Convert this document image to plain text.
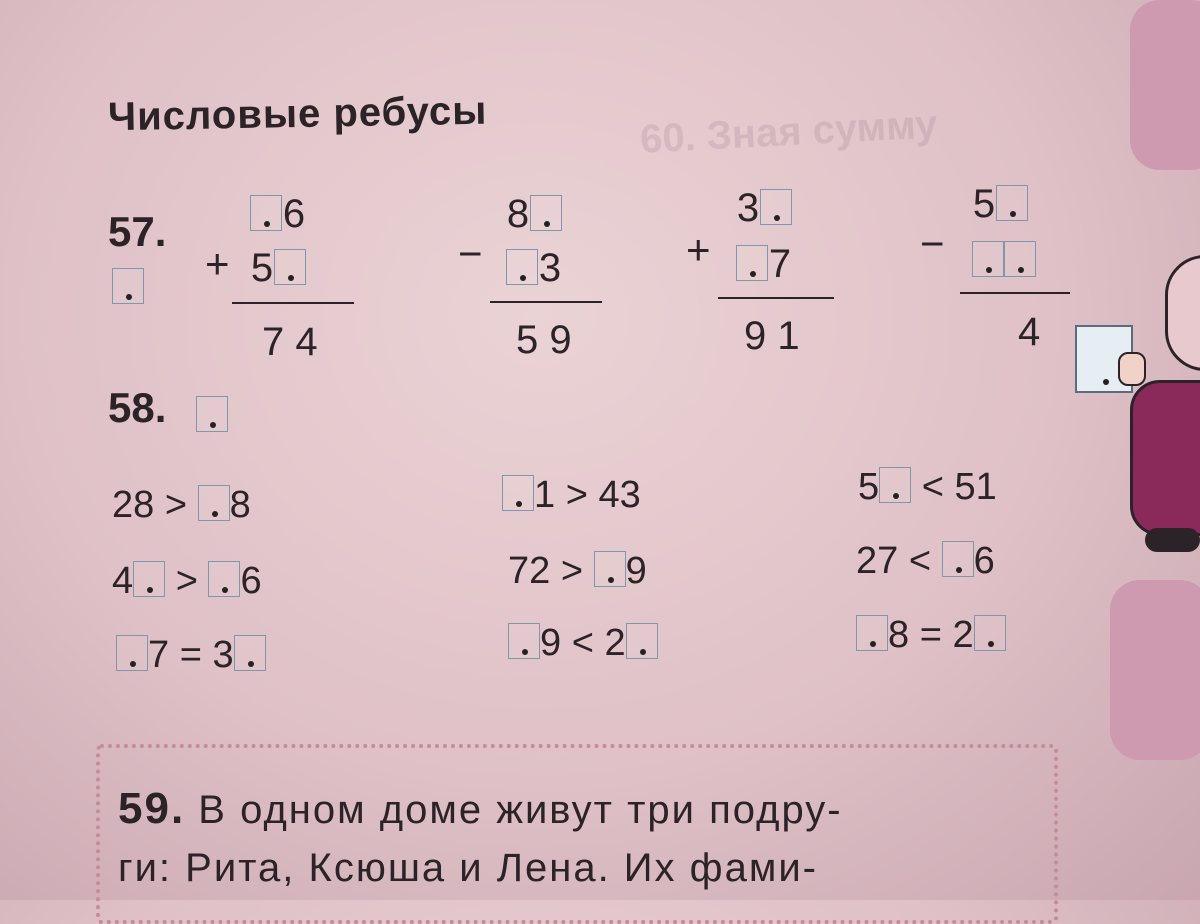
60. Зная сумму
Числовые ребусы
57.
+
6
5
7 4
−
8
3
5 9
+
3
7
9 1
−
5
4
58.
28 > 8	1 > 43	5 < 51
4 > 6	72 > 9	27 < 6
7 = 3	9 < 2	8 = 2
59. В одном доме живут три подру-
ги: Рита, Ксюша и Лена. Их фами-
